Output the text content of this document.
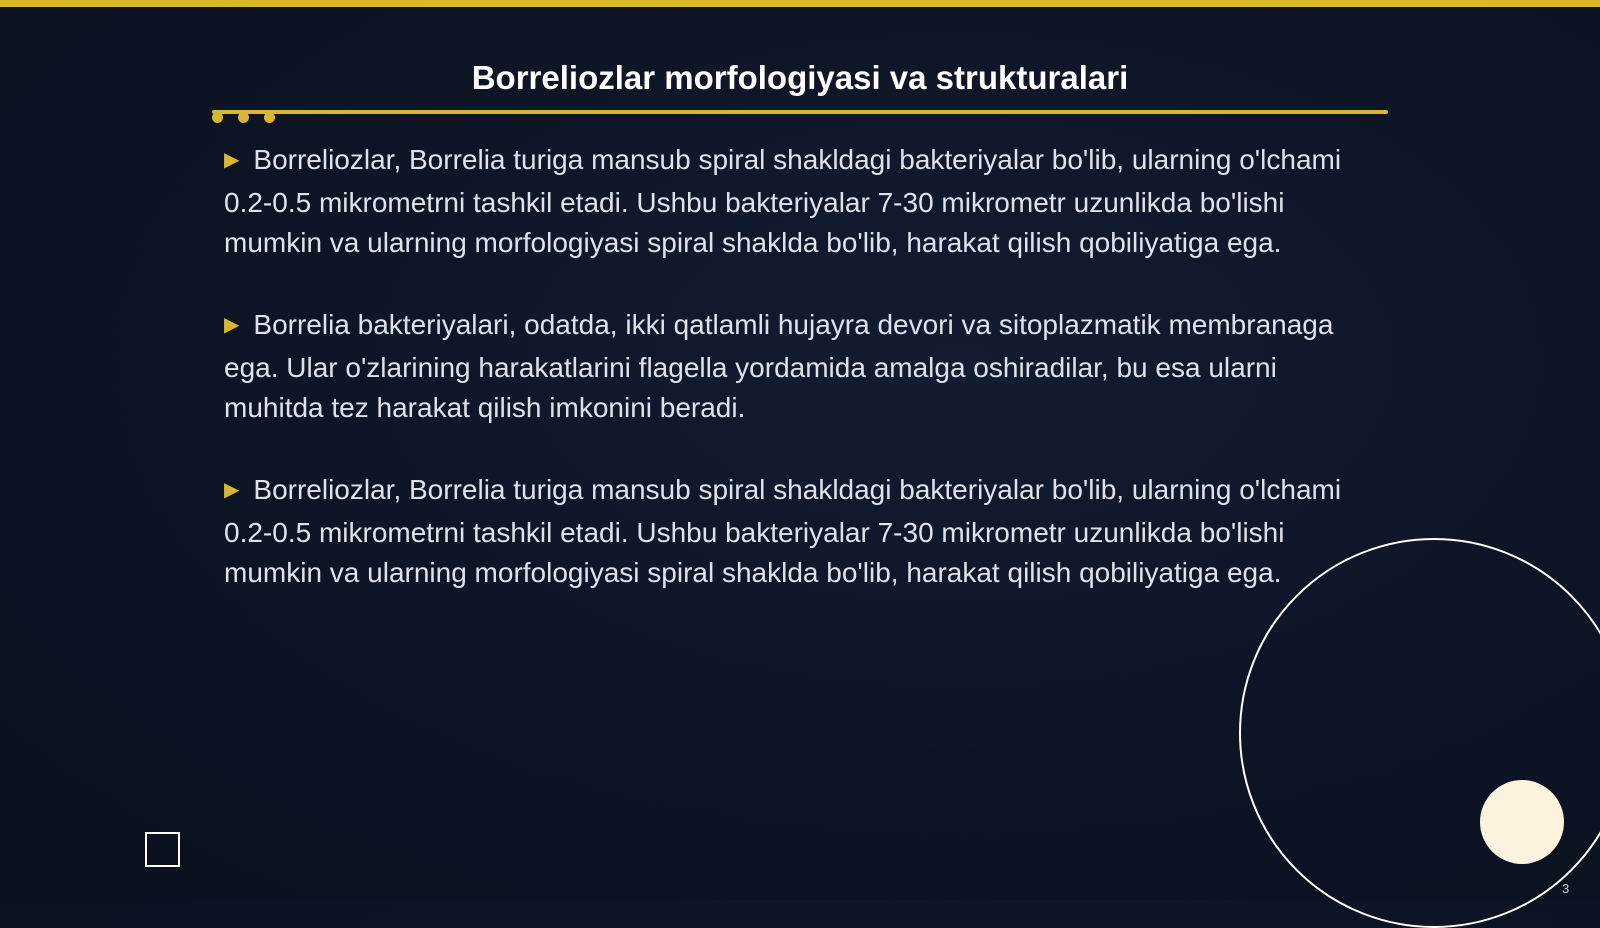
Borreliozlar morfologiyasi va strukturalari
▶ Borreliozlar, Borrelia turiga mansub spiral shakldagi bakteriyalar bo'lib, ularning o'lchami 0.2-0.5 mikrometrni tashkil etadi. Ushbu bakteriyalar 7-30 mikrometr uzunlikda bo'lishi mumkin va ularning morfologiyasi spiral shaklda bo'lib, harakat qilish qobiliyatiga ega.
▶ Borrelia bakteriyalari, odatda, ikki qatlamli hujayra devori va sitoplazmatik membranaga ega. Ular o'zlarining harakatlarini flagella yordamida amalga oshiradilar, bu esa ularni muhitda tez harakat qilish imkonini beradi.
▶ Borreliozlar, Borrelia turiga mansub spiral shakldagi bakteriyalar bo'lib, ularning o'lchami 0.2-0.5 mikrometrni tashkil etadi. Ushbu bakteriyalar 7-30 mikrometr uzunlikda bo'lishi mumkin va ularning morfologiyasi spiral shaklda bo'lib, harakat qilish qobiliyatiga ega.
3
